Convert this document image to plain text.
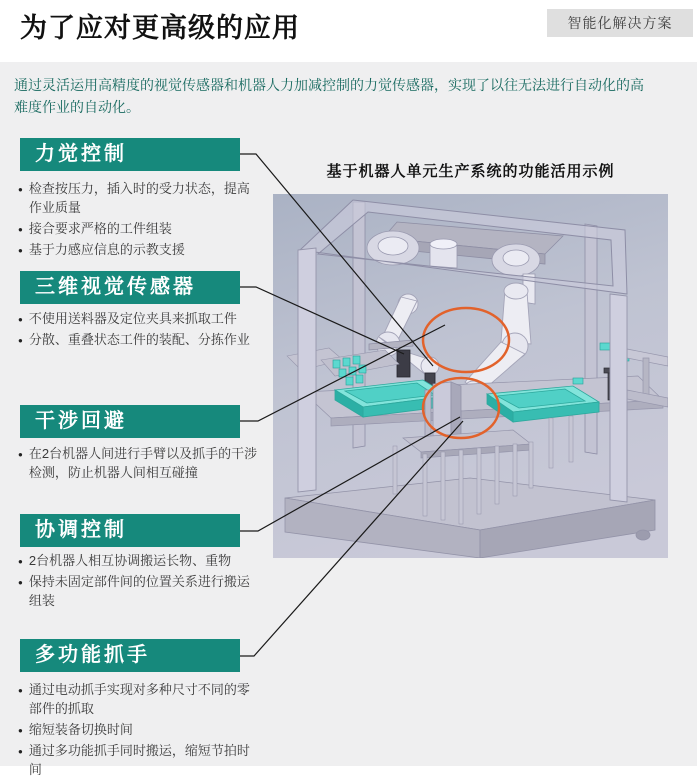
为了应对更高级的应用	智能化解决方案

通过灵活运用高精度的视觉传感器和机器人力加减控制的力觉传感器，实现了以往无法进行自动化的高难度作业的自动化。

力觉控制
● 检查按压力，插入时的受力状态，提高作业质量
● 接合要求严格的工件组装
● 基于力感应信息的示教支援
三维视觉传感器
● 不使用送料器及定位夹具来抓取工件
● 分散、重叠状态工件的装配、分拣作业
干涉回避
● 在2台机器人间进行手臂以及抓手的干涉检测，防止机器人间相互碰撞
协调控制
● 2台机器人相互协调搬运长物、重物
● 保持未固定部件间的位置关系进行搬运组装
多功能抓手
● 通过电动抓手实现对多种尺寸不同的零部件的抓取
● 缩短装备切换时间
● 通过多功能抓手同时搬运，缩短节拍时间
基于机器人单元生产系统的功能活用示例
